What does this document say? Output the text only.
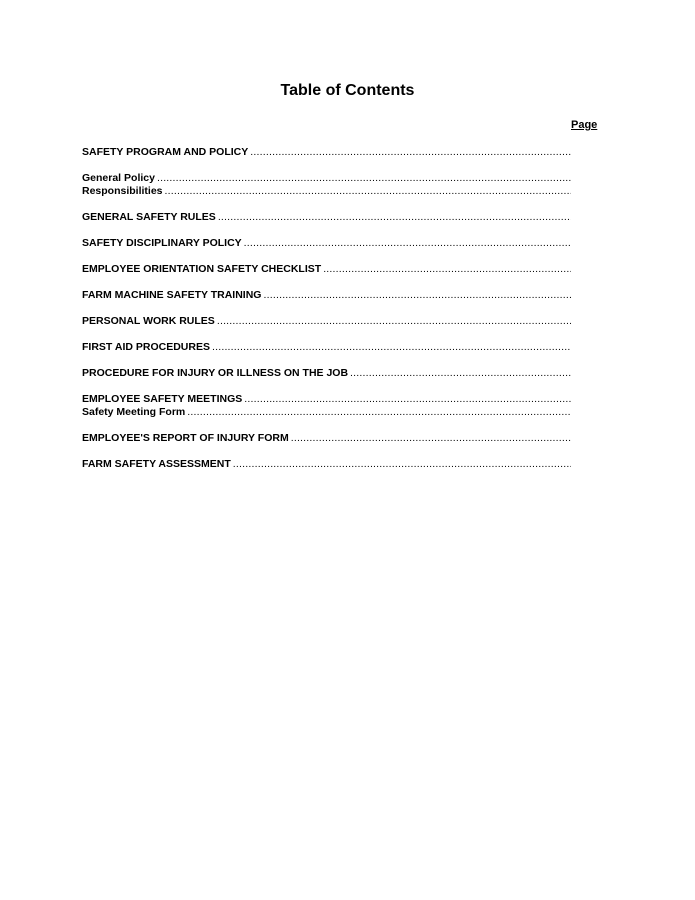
Table of Contents
Page
SAFETY PROGRAM AND POLICY
.....
General Policy
.....
Responsibilities
.....
GENERAL SAFETY RULES
.....
SAFETY DISCIPLINARY POLICY
.....
EMPLOYEE ORIENTATION SAFETY CHECKLIST
.....
FARM MACHINE SAFETY TRAINING
.....
PERSONAL WORK RULES
.....
FIRST AID PROCEDURES
.....
PROCEDURE FOR INJURY OR ILLNESS ON THE JOB
.....
EMPLOYEE SAFETY MEETINGS
.....
Safety Meeting Form
.....
EMPLOYEE'S REPORT OF INJURY FORM
.....
FARM SAFETY ASSESSMENT
.....
